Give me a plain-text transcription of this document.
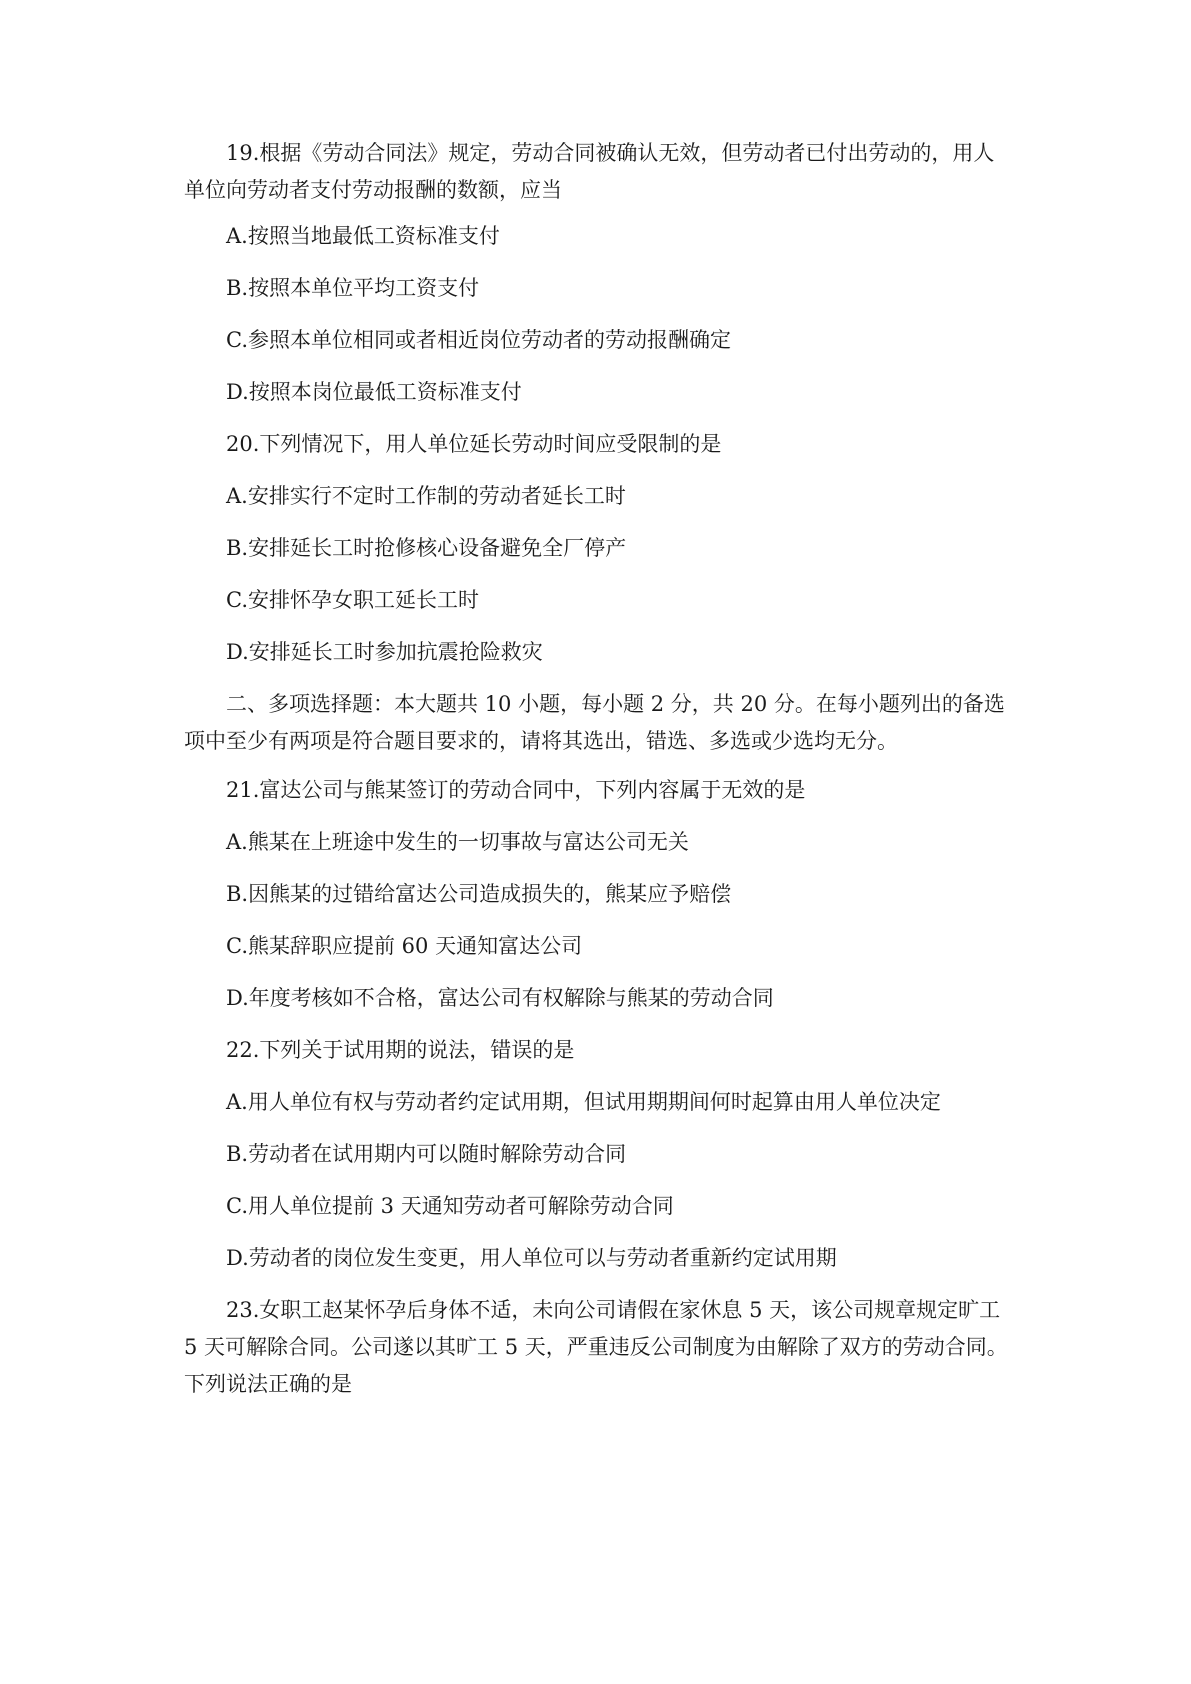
19.根据《劳动合同法》规定，劳动合同被确认无效，但劳动者已付出劳动的，用人单位向劳动者支付劳动报酬的数额，应当

A.按照当地最低工资标准支付

B.按照本单位平均工资支付

C.参照本单位相同或者相近岗位劳动者的劳动报酬确定

D.按照本岗位最低工资标准支付

20.下列情况下，用人单位延长劳动时间应受限制的是

A.安排实行不定时工作制的劳动者延长工时

B.安排延长工时抢修核心设备避免全厂停产

C.安排怀孕女职工延长工时

D.安排延长工时参加抗震抢险救灾

二、多项选择题：本大题共 10 小题，每小题 2 分，共 20 分。在每小题列出的备选项中至少有两项是符合题目要求的，请将其选出，错选、多选或少选均无分。

21.富达公司与熊某签订的劳动合同中，下列内容属于无效的是

A.熊某在上班途中发生的一切事故与富达公司无关

B.因熊某的过错给富达公司造成损失的，熊某应予赔偿

C.熊某辞职应提前 60 天通知富达公司

D.年度考核如不合格，富达公司有权解除与熊某的劳动合同

22.下列关于试用期的说法，错误的是

A.用人单位有权与劳动者约定试用期，但试用期期间何时起算由用人单位决定

B.劳动者在试用期内可以随时解除劳动合同

C.用人单位提前 3 天通知劳动者可解除劳动合同

D.劳动者的岗位发生变更，用人单位可以与劳动者重新约定试用期

23.女职工赵某怀孕后身体不适，未向公司请假在家休息 5 天，该公司规章规定旷工 5 天可解除合同。公司遂以其旷工 5 天，严重违反公司制度为由解除了双方的劳动合同。下列说法正确的是
